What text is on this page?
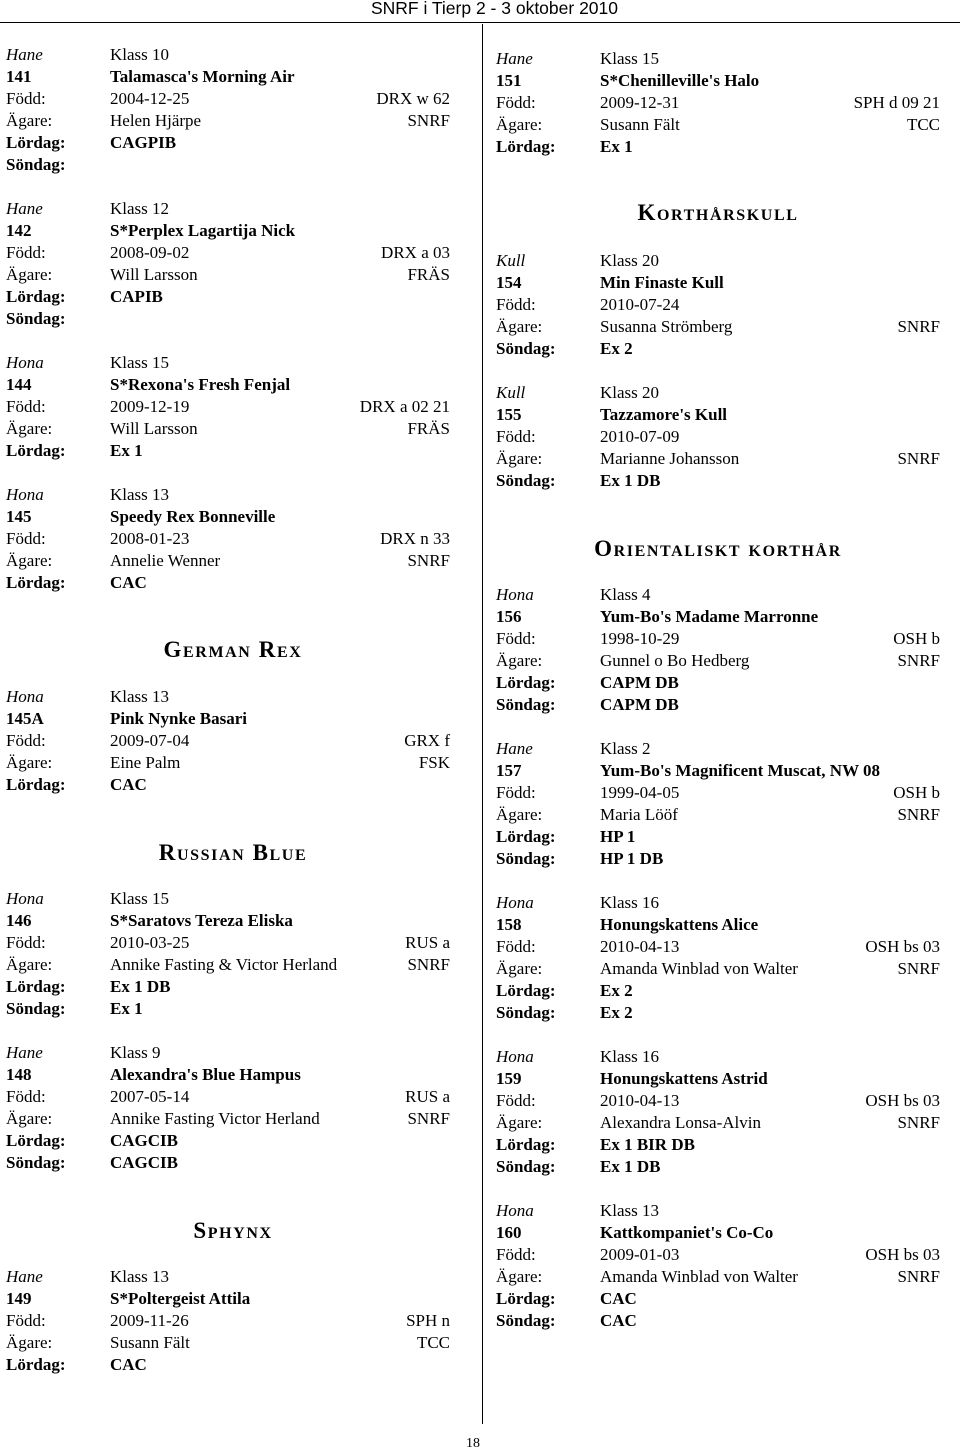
SNRF i Tierp 2 - 3 oktober 2010
German Rex
Russian Blue
Sphynx
Korthårskull
Orientaliskt korthår
Hane	Klass 10
141	Talamasca's Morning Air
Född:	2004-12-25	DRX w 62
Ägare:	Helen Hjärpe	SNRF
Lördag:	CAGPIB
Söndag:
Hane	Klass 12
142	S*Perplex Lagartija Nick
Född:	2008-09-02	DRX a 03
Ägare:	Will Larsson	FRÄS
Lördag:	CAPIB
Söndag:
Hona	Klass 15
144	S*Rexona's Fresh Fenjal
Född:	2009-12-19	DRX a 02 21
Ägare:	Will Larsson	FRÄS
Lördag:	Ex 1
Hona	Klass 13
145	Speedy Rex Bonneville
Född:	2008-01-23	DRX n 33
Ägare:	Annelie Wenner	SNRF
Lördag:	CAC
Hona	Klass 13
145A	Pink Nynke Basari
Född:	2009-07-04	GRX f
Ägare:	Eine Palm	FSK
Lördag:	CAC
Hona	Klass 15
146	S*Saratovs Tereza Eliska
Född:	2010-03-25	RUS a
Ägare:	Annike Fasting & Victor Herland	SNRF
Lördag:	Ex 1 DB
Söndag:	Ex 1
Hane	Klass 9
148	Alexandra's Blue Hampus
Född:	2007-05-14	RUS a
Ägare:	Annike Fasting Victor Herland	SNRF
Lördag:	CAGCIB
Söndag:	CAGCIB
Hane	Klass 13
149	S*Poltergeist Attila
Född:	2009-11-26	SPH n
Ägare:	Susann Fält	TCC
Lördag:	CAC
Hane	Klass 15
151	S*Chenilleville's Halo
Född:	2009-12-31	SPH d 09 21
Ägare:	Susann Fält	TCC
Lördag:	Ex 1
Kull	Klass 20
154	Min Finaste Kull
Född:	2010-07-24
Ägare:	Susanna Strömberg	SNRF
Söndag:	Ex 2
Kull	Klass 20
155	Tazzamore's Kull
Född:	2010-07-09
Ägare:	Marianne Johansson	SNRF
Söndag:	Ex 1 DB
Hona	Klass 4
156	Yum-Bo's Madame Marronne
Född:	1998-10-29	OSH b
Ägare:	Gunnel o Bo Hedberg	SNRF
Lördag:	CAPM DB
Söndag:	CAPM DB
Hane	Klass 2
157	Yum-Bo's Magnificent Muscat, NW 08
Född:	1999-04-05	OSH b
Ägare:	Maria Lööf	SNRF
Lördag:	HP 1
Söndag:	HP 1 DB
Hona	Klass 16
158	Honungskattens Alice
Född:	2010-04-13	OSH bs 03
Ägare:	Amanda Winblad von Walter	SNRF
Lördag:	Ex 2
Söndag:	Ex 2
Hona	Klass 16
159	Honungskattens Astrid
Född:	2010-04-13	OSH bs 03
Ägare:	Alexandra Lonsa-Alvin	SNRF
Lördag:	Ex 1 BIR DB
Söndag:	Ex 1 DB
Hona	Klass 13
160	Kattkompaniet's Co-Co
Född:	2009-01-03	OSH bs 03
Ägare:	Amanda Winblad von Walter	SNRF
Lördag:	CAC
Söndag:	CAC
18
